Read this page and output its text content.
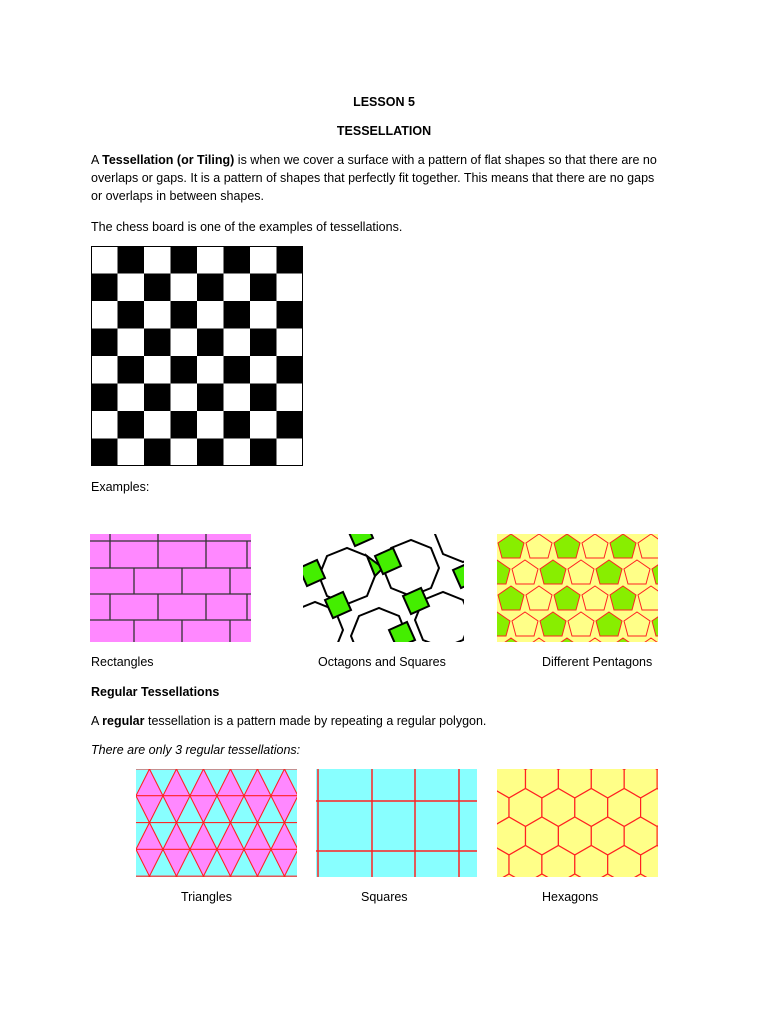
LESSON 5
TESSELLATION
A Tessellation (or Tiling) is when we cover a surface with a pattern of flat shapes so that there are no
overlaps or gaps. It is a pattern of shapes that perfectly fit together. This means that there are no gaps
or overlaps in between shapes.
The chess board is one of the examples of tessellations.
Examples:
Rectangles	Octagons and Squares	Different Pentagons
Regular Tessellations
A regular tessellation is a pattern made by repeating a regular polygon.
There are only 3 regular tessellations:
Triangles	Squares	Hexagons
